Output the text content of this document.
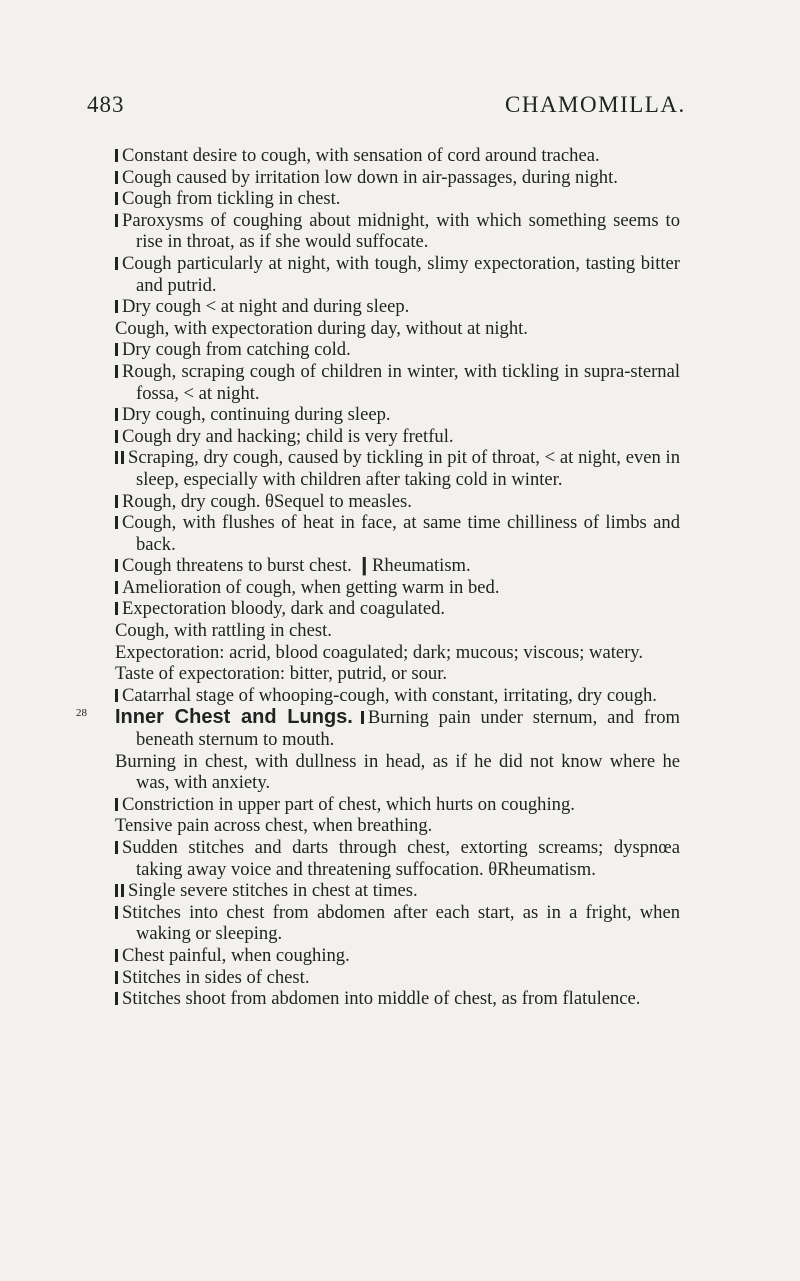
483	CHAMOMILLA.
Constant desire to cough, with sensation of cord around trachea.
Cough caused by irritation low down in air-passages, during night.
Cough from tickling in chest.
Paroxysms of coughing about midnight, with which something seems to rise in throat, as if she would suffocate.
Cough particularly at night, with tough, slimy expectoration, tasting bitter and putrid.
Dry cough < at night and during sleep.
Cough, with expectoration during day, without at night.
Dry cough from catching cold.
Rough, scraping cough of children in winter, with tickling in supra-sternal fossa, < at night.
Dry cough, continuing during sleep.
Cough dry and hacking; child is very fretful.
Scraping, dry cough, caused by tickling in pit of throat, < at night, even in sleep, especially with children after taking cold in winter.
Rough, dry cough. θSequel to measles.
Cough, with flushes of heat in face, at same time chilliness of limbs and back.
Cough threatens to burst chest. ❙Rheumatism.
Amelioration of cough, when getting warm in bed.
Expectoration bloody, dark and coagulated.
Cough, with rattling in chest.
Expectoration: acrid, blood coagulated; dark; mucous; viscous; watery.
Taste of expectoration: bitter, putrid, or sour.
Catarrhal stage of whooping-cough, with constant, irritating, dry cough.
28	Inner Chest and Lungs. Burning pain under sternum, and from beneath sternum to mouth.
Burning in chest, with dullness in head, as if he did not know where he was, with anxiety.
Constriction in upper part of chest, which hurts on coughing.
Tensive pain across chest, when breathing.
Sudden stitches and darts through chest, extorting screams; dyspnœa taking away voice and threatening suffocation. θRheumatism.
Single severe stitches in chest at times.
Stitches into chest from abdomen after each start, as in a fright, when waking or sleeping.
Chest painful, when coughing.
Stitches in sides of chest.
Stitches shoot from abdomen into middle of chest, as from flatulence.
